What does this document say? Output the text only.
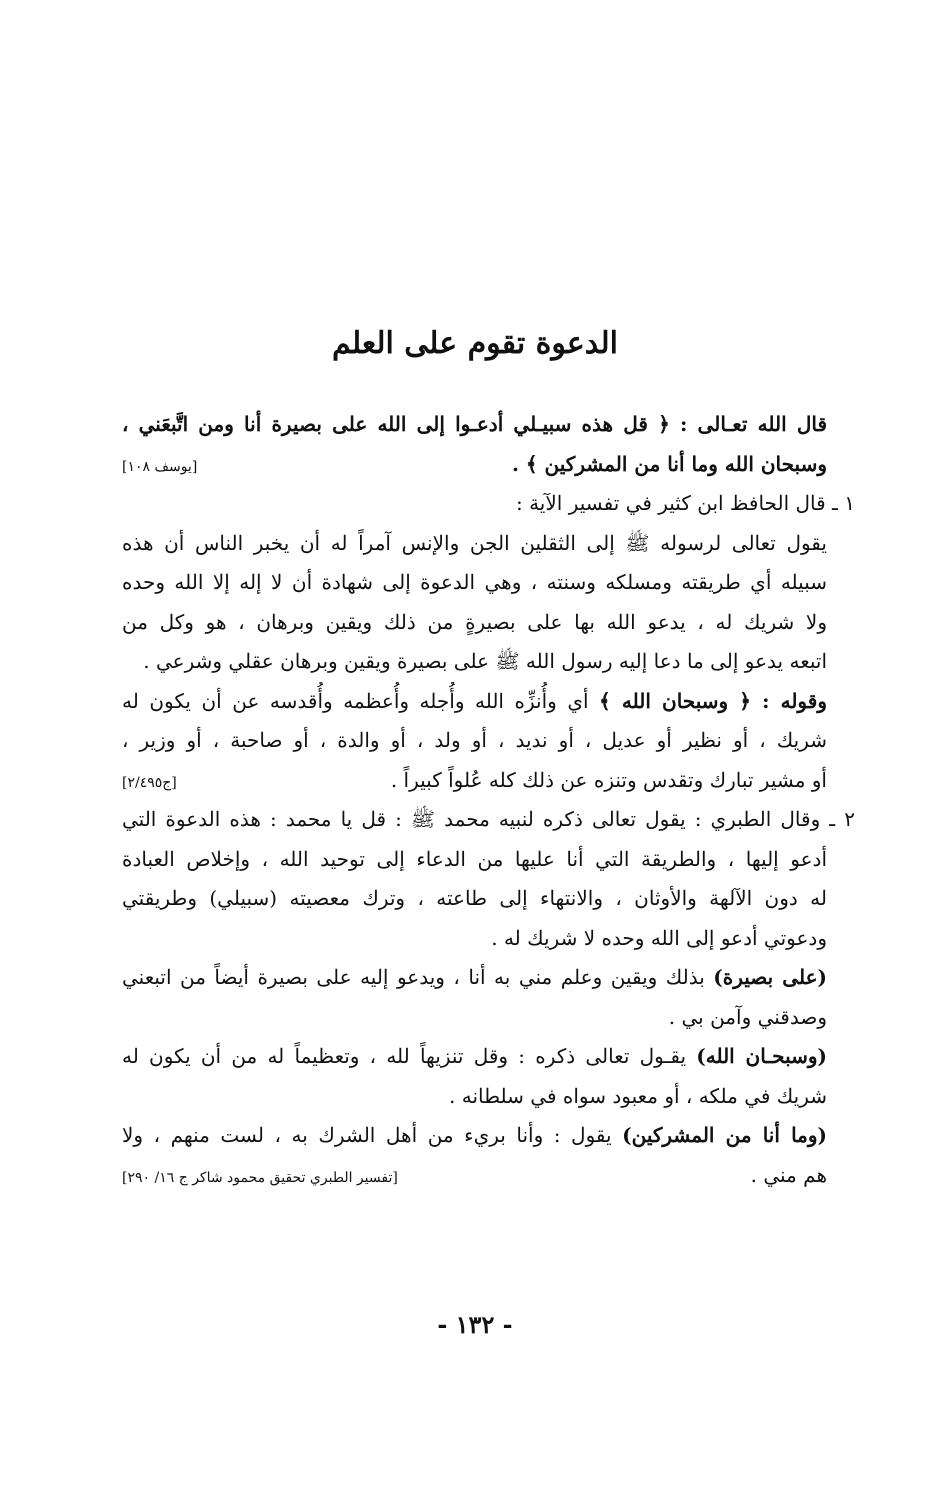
الدعوة تقوم على العلم
قال الله تعـالى : ﴿ قل هذه سبيـلي أدعـوا إلى الله على بصيرة أنا ومن اتَّبعَني ،
وسبحان الله وما أنا من المشركين ﴾ .
[يوسف ١٠٨]
١ ـ قال الحافظ ابن كثير في تفسير الآية :
يقول تعالى لرسوله ﷺ إلى الثقلين الجن والإنس آمراً له أن يخبر الناس أن هذه
سبيله أي طريقته ومسلكه وسنته ، وهي الدعوة إلى شهادة أن لا إله إلا الله وحده
ولا شريك له ، يدعو الله بها على بصيرةٍ من ذلك ويقين وبرهان ، هو وكل من
اتبعه يدعو إلى ما دعا إليه رسول الله ﷺ على بصيرة ويقين وبرهان عقلي وشرعي .
وقوله : ﴿ وسبحان الله ﴾ أي وأُنزِّه الله وأُجله وأُعظمه وأُقدسه عن أن يكون له
شريك ، أو نظير أو عديل ، أو نديد ، أو ولد ، أو والدة ، أو صاحبة ، أو وزير ،
أو مشير تبارك وتقدس وتنزه عن ذلك كله عُلواً كبيراً .
[ج٢/٤٩٥]
٢ ـ وقال الطبري : يقول تعالى ذكره لنبيه محمد ﷺ : قل يا محمد : هذه الدعوة التي
أدعو إليها ، والطريقة التي أنا عليها من الدعاء إلى توحيد الله ، وإخلاص العبادة
له دون الآلهة والأوثان ، والانتهاء إلى طاعته ، وترك معصيته (سبيلي) وطريقتي
ودعوتي أدعو إلى الله وحده لا شريك له .
(على بصيرة) بذلك ويقين وعلم مني به أنا ، ويدعو إليه على بصيرة أيضاً من اتبعني
وصدقني وآمن بي .
(وسبحـان الله) يقـول تعالى ذكره : وقل تنزيهاً لله ، وتعظيماً له من أن يكون له
شريك في ملكه ، أو معبود سواه في سلطانه .
(وما أنا من المشركين) يقول : وأنا بريء من أهل الشرك به ، لست منهم ، ولا
هم مني .
[تفسير الطبري تحقيق محمود شاكر ج ١٦/ ٢٩٠]
- ١٣٢ -
